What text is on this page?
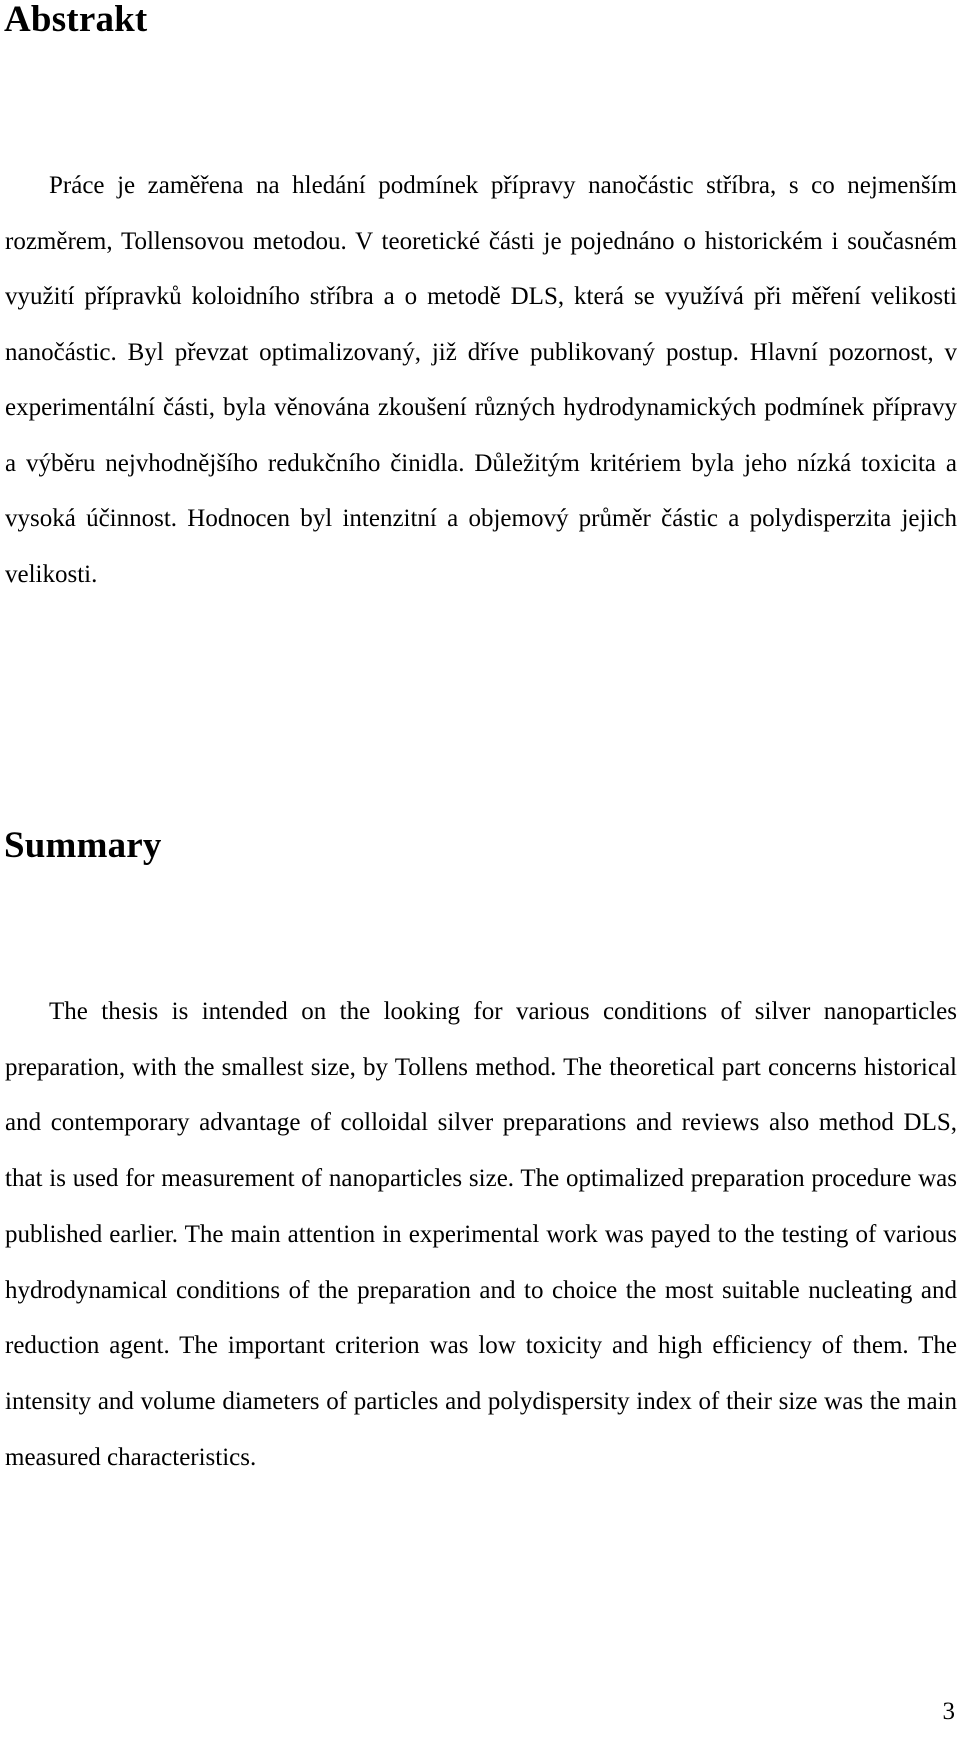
Abstrakt

Práce je zaměřena na hledání podmínek přípravy nanočástic stříbra, s co nejmenším rozměrem, Tollensovou metodou. V teoretické části je pojednáno o historickém i současném využití přípravků koloidního stříbra a o metodě DLS, která se využívá při měření velikosti nanočástic. Byl převzat optimalizovaný, již dříve publikovaný postup. Hlavní pozornost, v experimentální části, byla věnována zkoušení různých hydrodynamických podmínek přípravy a výběru nejvhodnějšího redukčního činidla. Důležitým kritériem byla jeho nízká toxicita a vysoká účinnost. Hodnocen byl intenzitní a objemový průměr částic a polydisperzita jejich velikosti.

Summary

The thesis is intended on the looking for various conditions of silver nanoparticles preparation, with the smallest size, by Tollens method. The theoretical part concerns historical and contemporary advantage of colloidal silver preparations and reviews also method DLS, that is used for measurement of nanoparticles size. The optimalized preparation procedure was published earlier. The main attention in experimental work was payed to the testing of various hydrodynamical conditions of the preparation and to choice the most suitable nucleating and reduction agent. The important criterion was low toxicity and high efficiency of them. The intensity and volume diameters of particles and polydispersity index of their size was the main measured characteristics.

3
